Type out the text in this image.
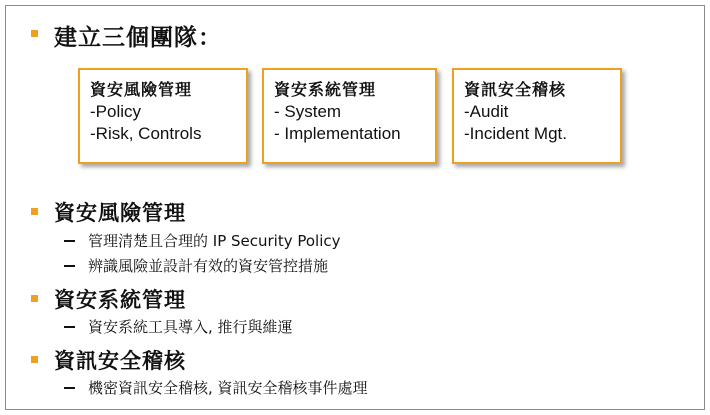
建立三個團隊：
資安風險管理
-Policy
-Risk, Controls
資安系統管理
- System
- Implementation
資訊安全稽核
-Audit
-Incident Mgt.
資安風險管理
管理清楚且合理的 IP Security Policy
辨識風險並設計有效的資安管控措施
資安系統管理
資安系統工具導入, 推行與維運
資訊安全稽核
機密資訊安全稽核, 資訊安全稽核事件處理
